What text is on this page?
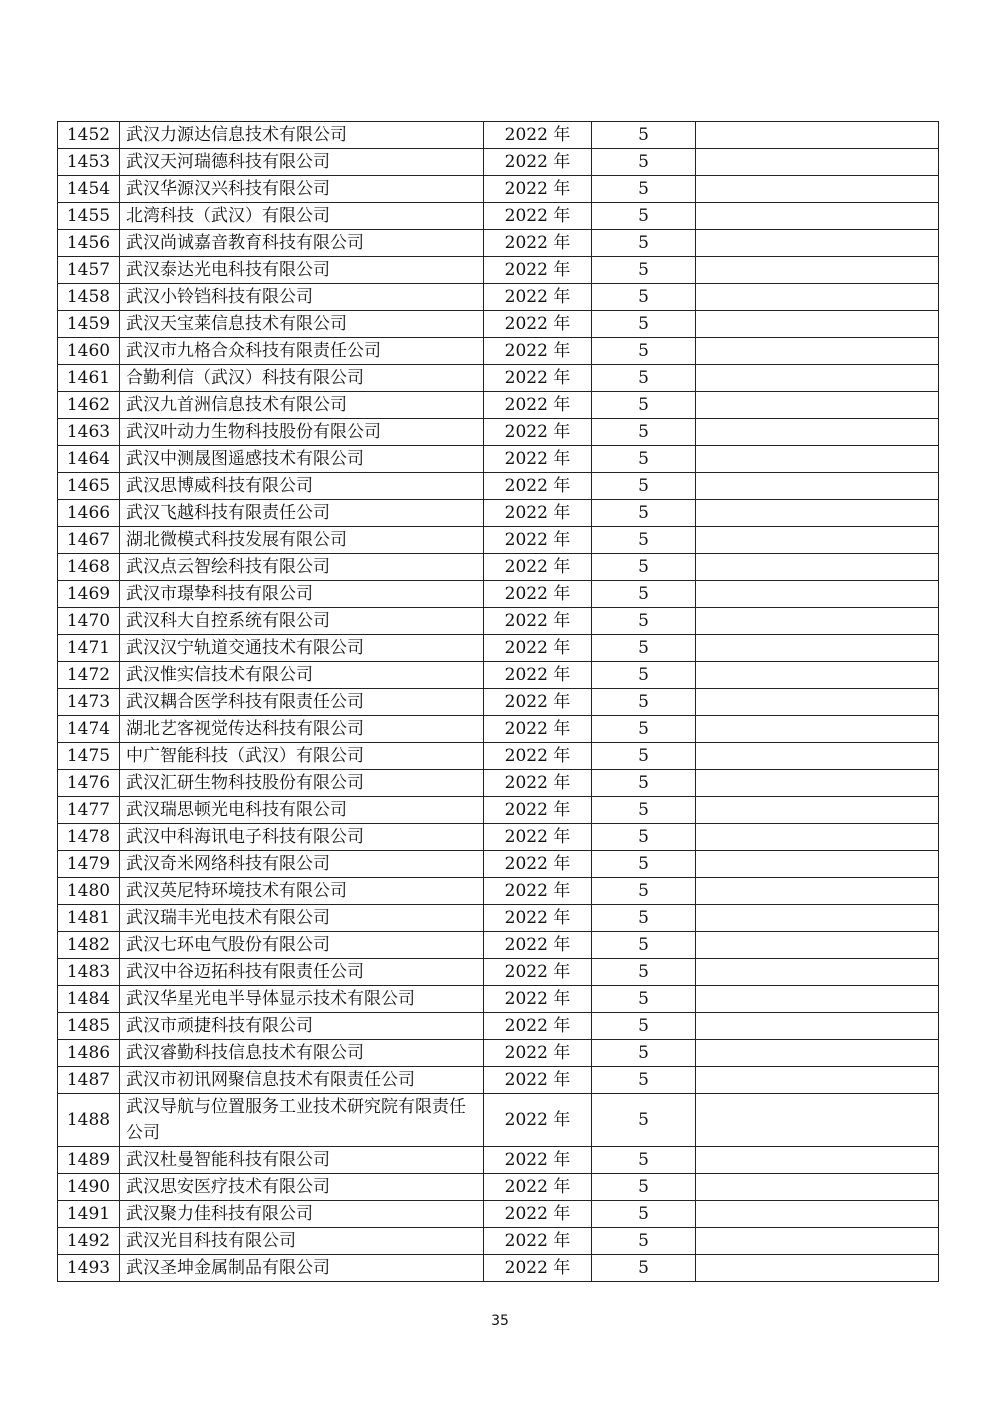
1452	武汉力源达信息技术有限公司	2022 年	5	
1453	武汉天河瑞德科技有限公司	2022 年	5	
1454	武汉华源汉兴科技有限公司	2022 年	5	
1455	北湾科技（武汉）有限公司	2022 年	5	
1456	武汉尚诚嘉音教育科技有限公司	2022 年	5	
1457	武汉泰达光电科技有限公司	2022 年	5	
1458	武汉小铃铛科技有限公司	2022 年	5	
1459	武汉天宝莱信息技术有限公司	2022 年	5	
1460	武汉市九格合众科技有限责任公司	2022 年	5	
1461	合勤利信（武汉）科技有限公司	2022 年	5	
1462	武汉九首洲信息技术有限公司	2022 年	5	
1463	武汉叶动力生物科技股份有限公司	2022 年	5	
1464	武汉中测晟图遥感技术有限公司	2022 年	5	
1465	武汉思博威科技有限公司	2022 年	5	
1466	武汉飞越科技有限责任公司	2022 年	5	
1467	湖北微模式科技发展有限公司	2022 年	5	
1468	武汉点云智绘科技有限公司	2022 年	5	
1469	武汉市璟挚科技有限公司	2022 年	5	
1470	武汉科大自控系统有限公司	2022 年	5	
1471	武汉汉宁轨道交通技术有限公司	2022 年	5	
1472	武汉惟实信技术有限公司	2022 年	5	
1473	武汉耦合医学科技有限责任公司	2022 年	5	
1474	湖北艺客视觉传达科技有限公司	2022 年	5	
1475	中广智能科技（武汉）有限公司	2022 年	5	
1476	武汉汇研生物科技股份有限公司	2022 年	5	
1477	武汉瑞思顿光电科技有限公司	2022 年	5	
1478	武汉中科海讯电子科技有限公司	2022 年	5	
1479	武汉奇米网络科技有限公司	2022 年	5	
1480	武汉英尼特环境技术有限公司	2022 年	5	
1481	武汉瑞丰光电技术有限公司	2022 年	5	
1482	武汉七环电气股份有限公司	2022 年	5	
1483	武汉中谷迈拓科技有限责任公司	2022 年	5	
1484	武汉华星光电半导体显示技术有限公司	2022 年	5	
1485	武汉市顽捷科技有限公司	2022 年	5	
1486	武汉睿勤科技信息技术有限公司	2022 年	5	
1487	武汉市初讯网聚信息技术有限责任公司	2022 年	5	
1488	武汉导航与位置服务工业技术研究院有限责任公司	2022 年	5	
1489	武汉杜曼智能科技有限公司	2022 年	5	
1490	武汉思安医疗技术有限公司	2022 年	5	
1491	武汉聚力佳科技有限公司	2022 年	5	
1492	武汉光目科技有限公司	2022 年	5	
1493	武汉圣坤金属制品有限公司	2022 年	5	
35
